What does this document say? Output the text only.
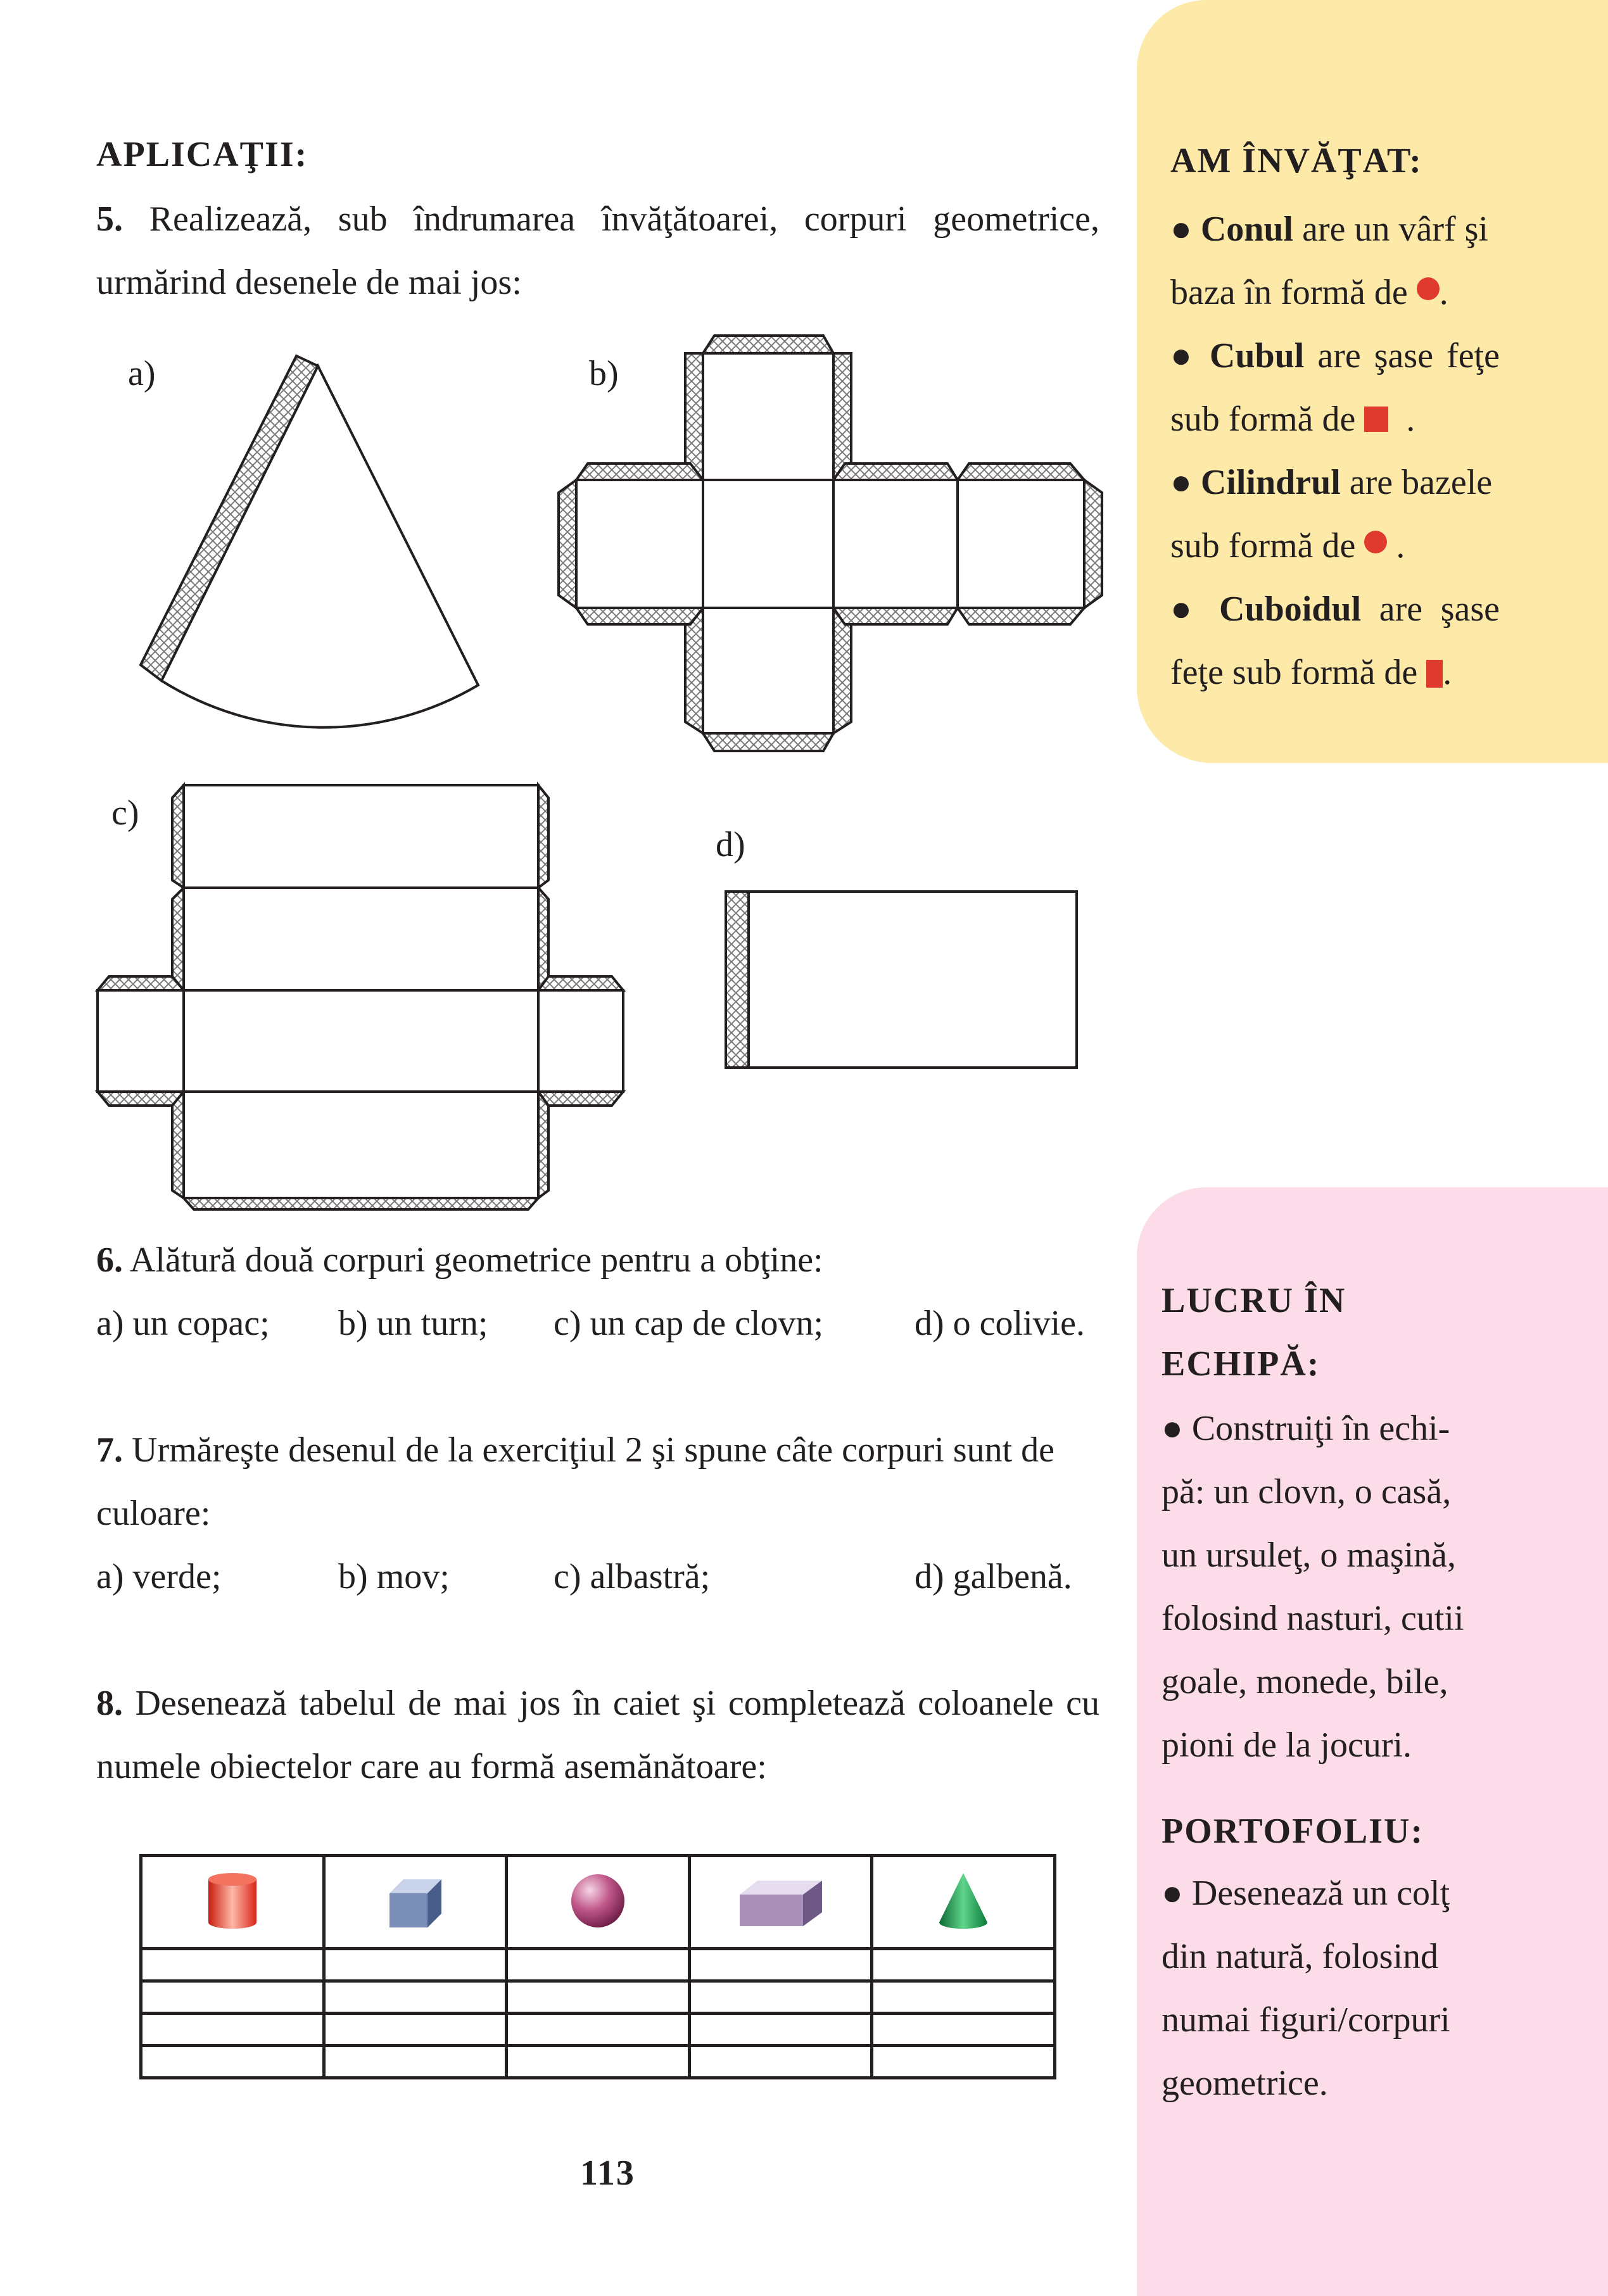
AM ÎNVĂŢAT:
● Conul are un vârf şi
baza în formă de .
● Cubul are şase feţe
sub formă de   .
● Cilindrul are bazele
sub formă de  .
● Cuboidul are şase
feţe sub formă de .
LUCRU ÎN
ECHIPĂ:
● Construiţi în echi-
pă: un clovn, o casă,
un ursuleţ, o maşină,
folosind nasturi, cutii
goale, monede, bile,
pioni de la jocuri.
PORTOFOLIU:
● Desenează un colţ
din natură, folosind
numai figuri/corpuri
geometrice.
APLICAŢII:
5. Realizează, sub îndrumarea învăţătoarei, corpuri geometrice,
urmărind desenele de mai jos:
a)	b)
c)
d)
6. Alătură două corpuri geometrice pentru a obţine:
a) un copac; b) un turn; c) un cap de clovn;	d) o colivie.
7. Urmăreşte desenul de la exerciţiul 2 şi spune câte corpuri sunt de
culoare:
a) verde;	b) mov;	c) albastră;	d) galbenă.
8. Desenează tabelul de mai jos în caiet şi completează coloanele cu
numele obiectelor care au formă asemănătoare:

113
